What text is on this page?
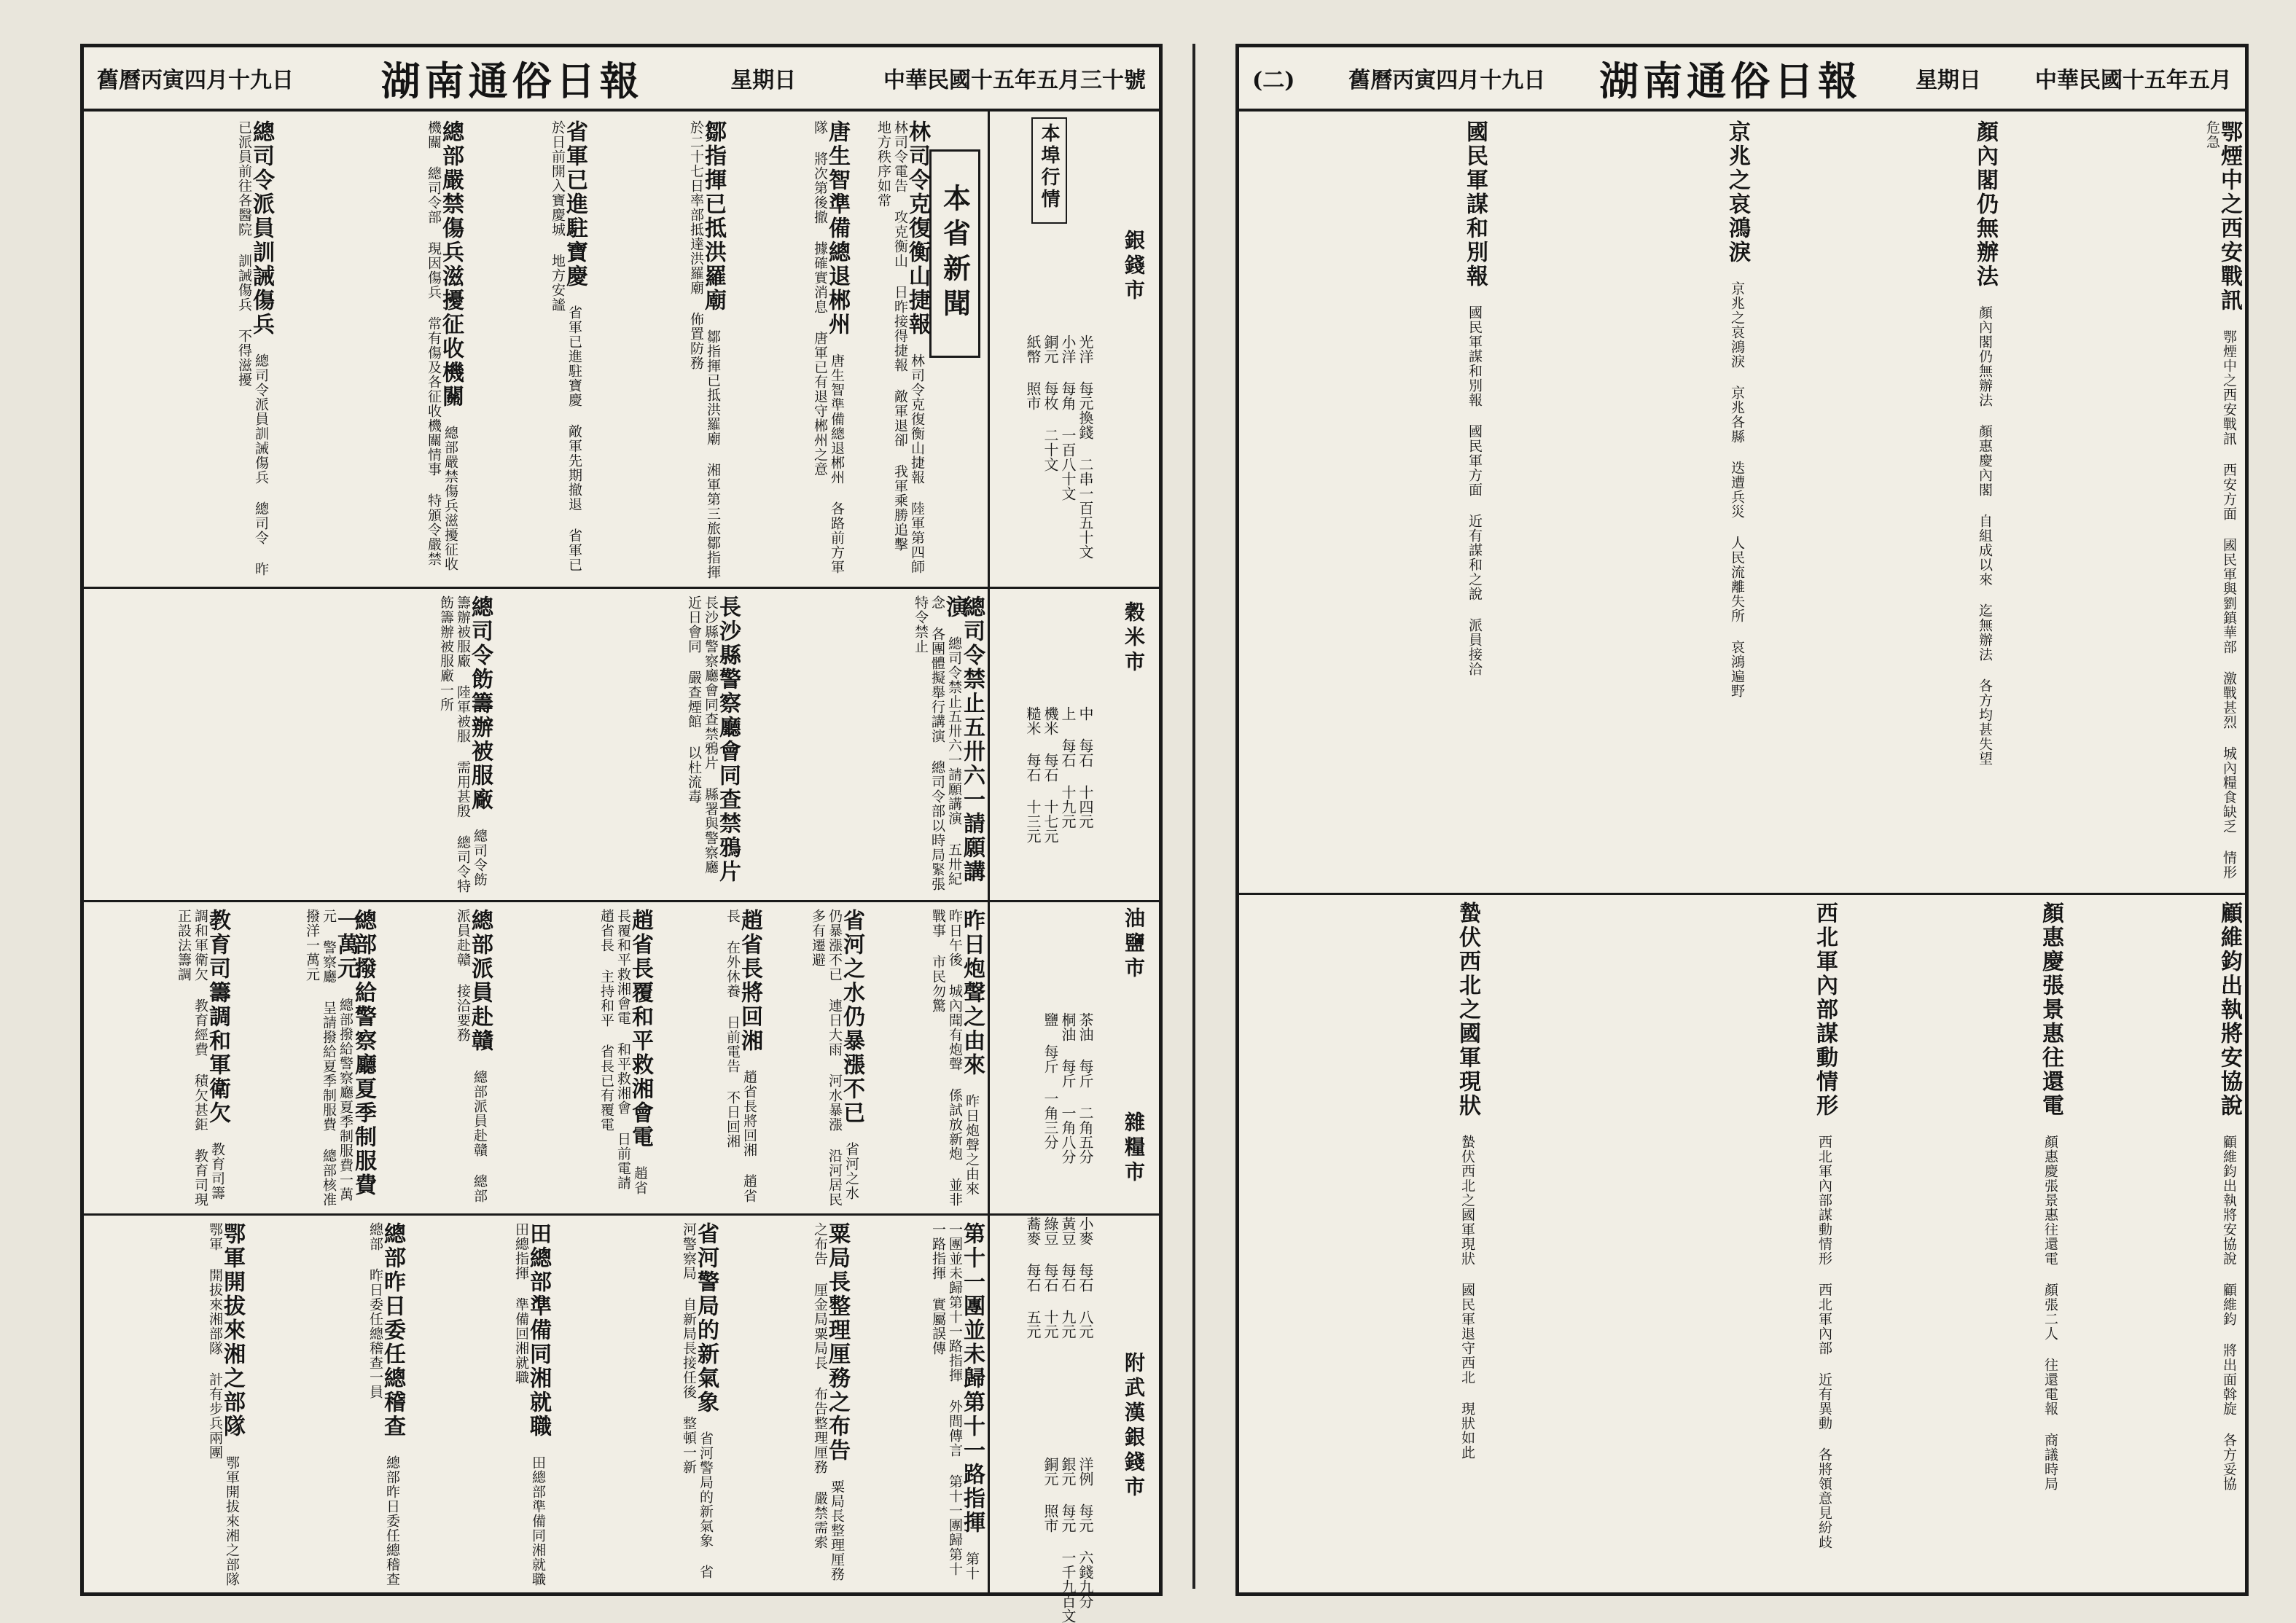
舊曆丙寅四月十九日 湖南通俗日報	星期日	中華民國十五年五月三十號
本省新聞
本埠行情
林司令克復衡山捷報 林司令克復衡山捷報 陸軍第四師林司令電告 攻克衡山 日昨接得捷報 敵軍退卻 我軍乘勝追擊 地方秩序如常
唐生智準備總退郴州 唐生智準備總退郴州 各路前方軍隊 將次第後撤 據確實消息 唐軍已有退守郴州之意
鄒指揮已抵洪羅廟 鄒指揮已抵洪羅廟 湘軍第三旅鄒指揮 於二十七日率部抵達洪羅廟 佈置防務
省軍已進駐寶慶 省軍已進駐寶慶 敵軍先期撤退 省軍已於日前開入寶慶城 地方安謐
總部嚴禁傷兵滋擾征收機關 總部嚴禁傷兵滋擾征收機關 總司令部 現因傷兵 常有傷及各征收機關情事 特頒令嚴禁
總司令派員訓誡傷兵 總司令派員訓誡傷兵 總司令 昨已派員前往各醫院 訓誡傷兵 不得滋擾
總司令禁止五卅六一請願講演 總司令禁止五卅六一請願講演 五卅紀念 各團體擬舉行講演 總司令部以時局緊張 特令禁止
長沙縣警察廳會同查禁鴉片 長沙縣警察廳會同查禁鴉片 縣署與警察廳 近日會同 嚴查煙館 以杜流毒
總司令飭籌辦被服廠 總司令飭籌辦被服廠 陸軍被服 需用甚殷 總司令特飭籌辦被服廠一所
昨日炮聲之由來 昨日炮聲之由來 昨日午後 城內聞有炮聲 係試放新炮 並非戰事 市民勿驚
省河之水仍暴漲不已 省河之水仍暴漲不已 連日大雨 河水暴漲 沿河居民 多有遷避
趙省長將回湘 趙省長將回湘 趙省長 在外休養 日前電告 不日回湘
趙省長覆和平救湘會電 趙省長覆和平救湘會電 和平救湘會 日前電請 趙省長 主持和平 省長已有覆電
總部派員赴贛 總部派員赴贛 總部 派員赴贛 接洽要務
總部撥給警察廳夏季制服費一萬元 總部撥給警察廳夏季制服費一萬元 警察廳 呈請撥給夏季制服費 總部核准撥洋一萬元
教育司籌調和軍衛欠 教育司籌調和軍衛欠 教育經費 積欠甚鉅 教育司現正設法籌調
第十一團並未歸第十一路指揮 第十一團並未歸第十一路指揮 外間傳言 第十一團歸第十一路指揮 實屬誤傳
粟局長整理厘務之布告 粟局長整理厘務之布告 厘金局粟局長 布告整理厘務 嚴禁需索
省河警局的新氣象 省河警局的新氣象 省河警察局 自新局長接任後 整頓一新
田總部準備同湘就職 田總部準備同湘就職 田總指揮 準備回湘就職
總部昨日委任總稽查 總部昨日委任總稽查 總部 昨日委任總稽查一員
鄂軍開拔來湘之部隊 鄂軍開拔來湘之部隊 鄂軍 開拔來湘部隊 計有步兵兩團
銀錢市

光洋 每元換錢 二串一百五十文
小洋 每角 一百八十文
銅元 每枚 二十文
紙幣 照市

穀米市

中 每石 十四元
上 每石 十九元
機米 每石 十七元
糙米 每石 十三元

油鹽市

茶油 每斤 二角五分
桐油 每斤 一角八分
鹽 每斤 一角三分
	雜糧市

小麥 每石 八元
黃豆 每石 九元
綠豆 每石 十元
蕎麥 每石 五元

附武漢銀錢市

洋例 每元 六錢九分
銀元 每元 一千九百文
銅元 照市

(二) 舊曆丙寅四月十九日 湖南通俗日報 星期日 中華民國十五年五月
鄂煙中之西安戰訊 鄂煙中之西安戰訊 西安方面 國民軍與劉鎮華部 激戰甚烈 城內糧食缺乏 情形危急
顏內閣仍無辦法 顏內閣仍無辦法 顏惠慶內閣 自組成以來 迄無辦法 各方均甚失望
京兆之哀鴻淚 京兆之哀鴻淚 京兆各縣 迭遭兵災 人民流離失所 哀鴻遍野
國民軍謀和別報 國民軍謀和別報 國民軍方面 近有謀和之說 派員接洽
顧維鈞出執將安協說 顧維鈞出執將安協說 顧維鈞 將出面斡旋 各方妥協
顏惠慶張景惠往還電 顏惠慶張景惠往還電 顏張二人 往還電報 商議時局
西北軍內部謀動情形 西北軍內部謀動情形 西北軍內部 近有異動 各將領意見紛歧
蟄伏西北之國軍現狀 蟄伏西北之國軍現狀 國民軍退守西北 現狀如此
